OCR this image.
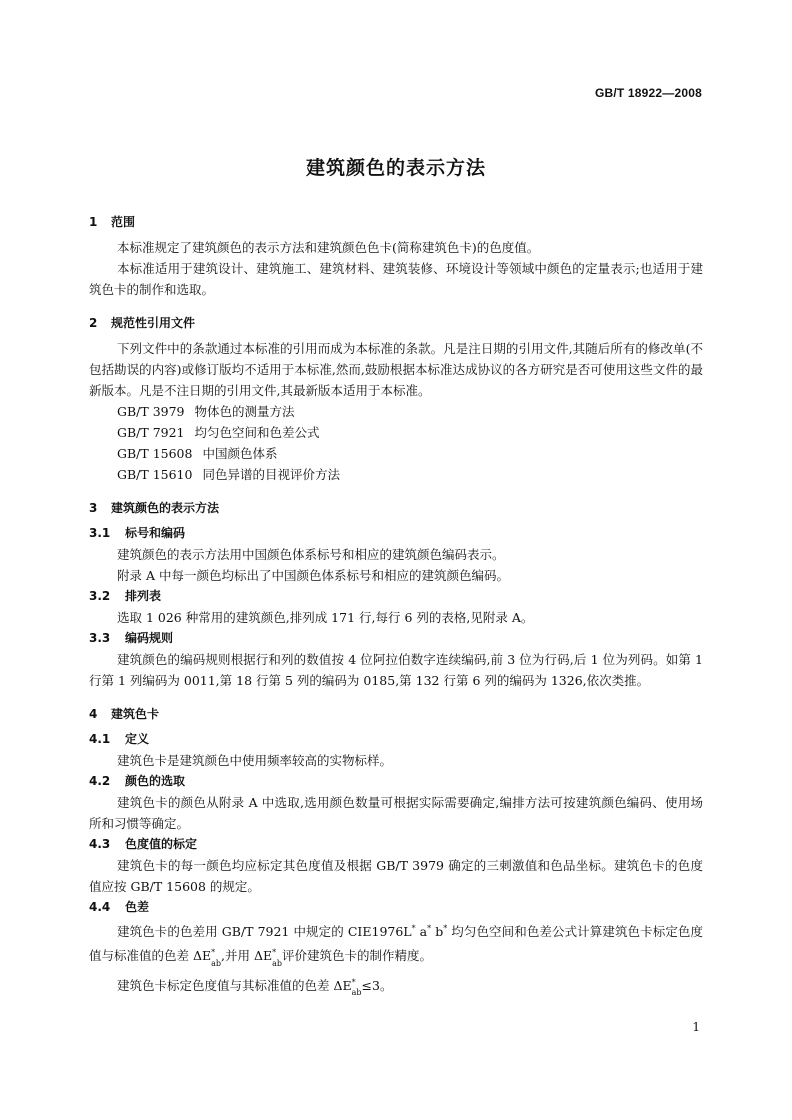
GB/T 18922—2008
建筑颜色的表示方法

1 范围

本标准规定了建筑颜色的表示方法和建筑颜色色卡(简称建筑色卡)的色度值。

本标准适用于建筑设计、建筑施工、建筑材料、建筑装修、环境设计等领域中颜色的定量表示;也适用于建筑色卡的制作和选取。

2 规范性引用文件

下列文件中的条款通过本标准的引用而成为本标准的条款。凡是注日期的引用文件,其随后所有的修改单(不包括勘误的内容)或修订版均不适用于本标准,然而,鼓励根据本标准达成协议的各方研究是否可使用这些文件的最新版本。凡是不注日期的引用文件,其最新版本适用于本标准。

GB/T 3979 物体色的测量方法

GB/T 7921 均匀色空间和色差公式

GB/T 15608 中国颜色体系

GB/T 15610 同色异谱的目视评价方法

3 建筑颜色的表示方法

3.1 标号和编码

建筑颜色的表示方法用中国颜色体系标号和相应的建筑颜色编码表示。

附录 A 中每一颜色均标出了中国颜色体系标号和相应的建筑颜色编码。

3.2 排列表

选取 1 026 种常用的建筑颜色,排列成 171 行,每行 6 列的表格,见附录 A。

3.3 编码规则

建筑颜色的编码规则根据行和列的数值按 4 位阿拉伯数字连续编码,前 3 位为行码,后 1 位为列码。如第 1 行第 1 列编码为 0011,第 18 行第 5 列的编码为 0185,第 132 行第 6 列的编码为 1326,依次类推。

4 建筑色卡

4.1 定义

建筑色卡是建筑颜色中使用频率较高的实物标样。

4.2 颜色的选取

建筑色卡的颜色从附录 A 中选取,选用颜色数量可根据实际需要确定,编排方法可按建筑颜色编码、使用场所和习惯等确定。

4.3 色度值的标定

建筑色卡的每一颜色均应标定其色度值及根据 GB/T 3979 确定的三刺激值和色品坐标。建筑色卡的色度值应按 GB/T 15608 的规定。

4.4 色差

建筑色卡的色差用 GB/T 7921 中规定的 CIE1976L* a* b* 均匀色空间和色差公式计算建筑色卡标定色度值与标准值的色差 $\Delta E^*_{ab}$,并用 $\Delta E^*_{ab}$评价建筑色卡的制作精度。

建筑色卡标定色度值与其标准值的色差 $\Delta E^*_{ab}\le 3$。

1
